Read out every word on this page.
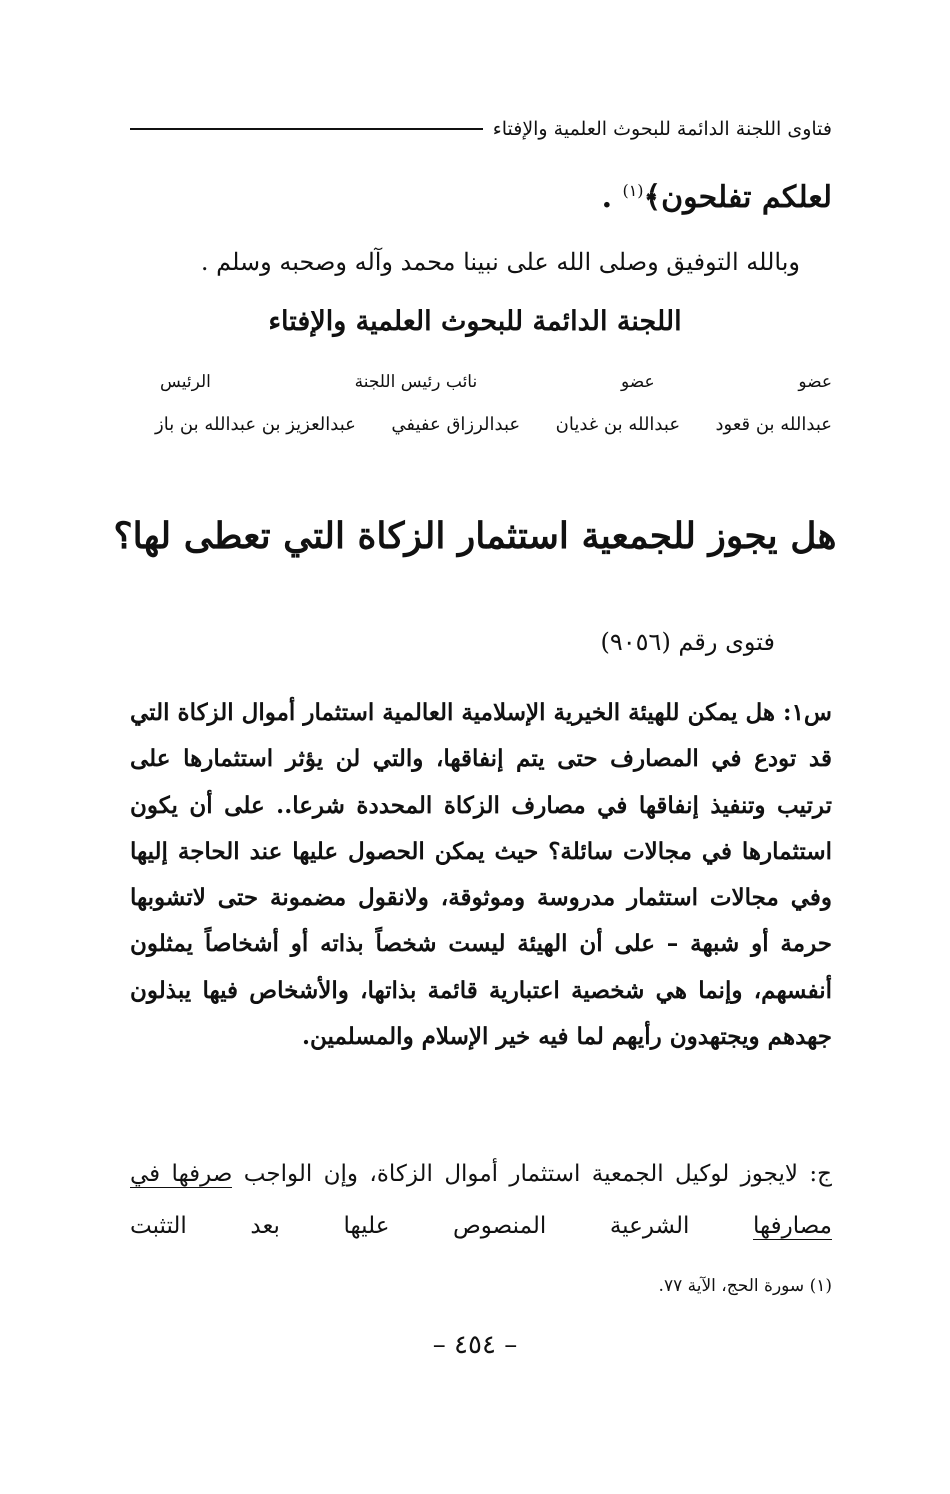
فتاوى اللجنة الدائمة للبحوث العلمية والإفتاء
لعلكم تفلحون﴾$^{(١)}$ .
وبالله التوفيق وصلى الله على نبينا محمد وآله وصحبه وسلم .
اللجنة الدائمة للبحوث العلمية والإفتاء
عضو
عضو
نائب رئيس اللجنة
الرئيس
عبدالله بن قعود
عبدالله بن غديان
عبدالرزاق عفيفي
عبدالعزيز بن عبدالله بن باز
هل يجوز للجمعية استثمار الزكاة التي تعطى لها؟
فتوى رقم (٩٠٥٦)
س١: هل يمكن للهيئة الخيرية الإسلامية العالمية استثمار أموال الزكاة التي قد تودع في المصارف حتى يتم إنفاقها، والتي لن يؤثر استثمارها على ترتيب وتنفيذ إنفاقها في مصارف الزكاة المحددة شرعا.. على أن يكون استثمارها في مجالات سائلة؟ حيث يمكن الحصول عليها عند الحاجة إليها وفي مجالات استثمار مدروسة وموثوقة، ولانقول مضمونة حتى لاتشوبها حرمة أو شبهة – على أن الهيئة ليست شخصاً بذاته أو أشخاصاً يمثلون أنفسهم، وإنما هي شخصية اعتبارية قائمة بذاتها، والأشخاص فيها يبذلون جهدهم ويجتهدون رأيهم لما فيه خير الإسلام والمسلمين.
ج: لايجوز لوكيل الجمعية استثمار أموال الزكاة، وإن الواجب صرفها في مصارفها الشرعية المنصوص عليها بعد التثبت
(١) سورة الحج، الآية ٧٧.
– ٤٥٤ –
